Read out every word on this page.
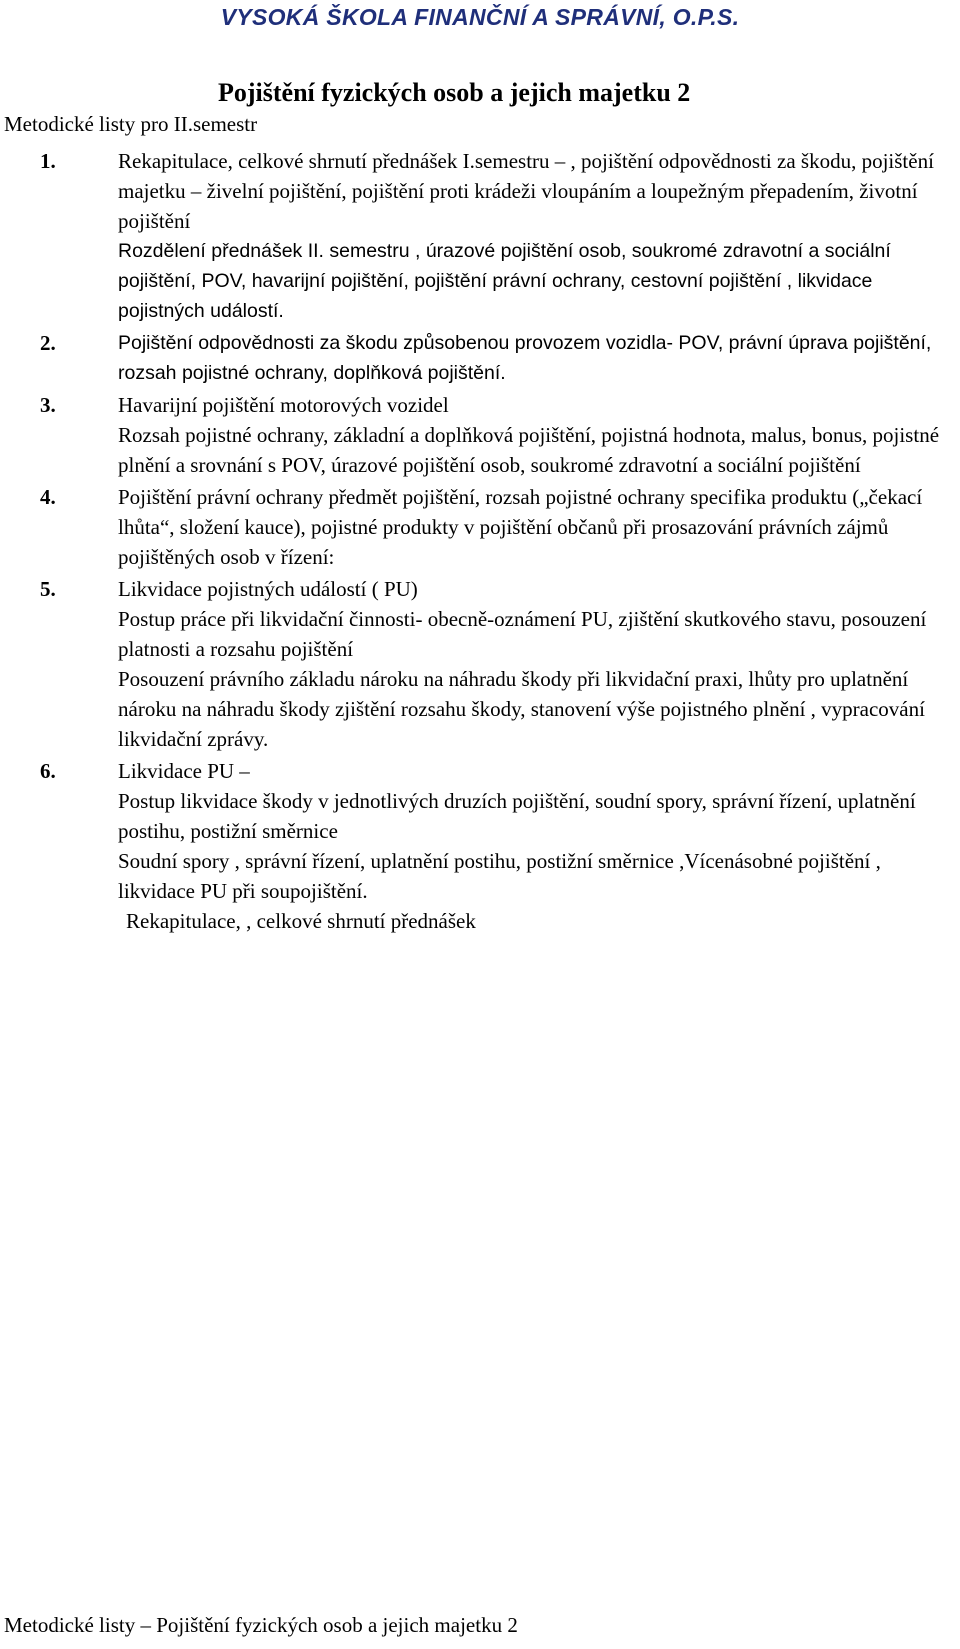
VYSOKÁ ŠKOLA FINANČNÍ A SPRÁVNÍ, O.P.S.
Pojištění fyzických osob a jejich majetku 2
Metodické listy pro II.semestr
1.	Rekapitulace, celkové shrnutí přednášek I.semestru – , pojištění odpovědnosti za škodu, pojištění majetku – živelní pojištění, pojištění proti krádeži vloupáním a loupežným přepadením, životní pojištění

Rozdělení přednášek II. semestru , úrazové pojištění osob, soukromé zdravotní a sociální pojištění, POV, havarijní pojištění, pojištění právní ochrany, cestovní pojištění , likvidace pojistných událostí.

2.	Pojištění odpovědnosti za škodu způsobenou provozem vozidla- POV, právní úprava pojištění, rozsah pojistné ochrany, doplňková pojištění.

3.	Havarijní pojištění motorových vozidel

Rozsah pojistné ochrany, základní a doplňková pojištění, pojistná hodnota, malus, bonus, pojistné plnění a srovnání s POV, úrazové pojištění osob, soukromé zdravotní a sociální pojištění

4.	Pojištění právní ochrany předmět pojištění, rozsah pojistné ochrany specifika produktu („čekací lhůta“, složení kauce), pojistné produkty v pojištění občanů při prosazování právních zájmů pojištěných osob v řízení:

5.	Likvidace pojistných událostí ( PU)

Postup práce při likvidační činnosti- obecně-oznámení PU, zjištění skutkového stavu, posouzení platnosti a rozsahu pojištění

Posouzení právního základu nároku na náhradu škody při likvidační praxi, lhůty pro uplatnění nároku na náhradu škody zjištění rozsahu škody, stanovení výše pojistného plnění , vypracování likvidační zprávy.

6.	Likvidace PU –

Postup likvidace škody v jednotlivých druzích pojištění, soudní spory, správní řízení, uplatnění postihu, postižní směrnice

Soudní spory , správní řízení, uplatnění postihu, postižní směrnice ,Vícenásobné pojištění , likvidace PU při soupojištění.

Rekapitulace, , celkové shrnutí přednášek
Metodické listy – Pojištění fyzických osob a jejich majetku 2
